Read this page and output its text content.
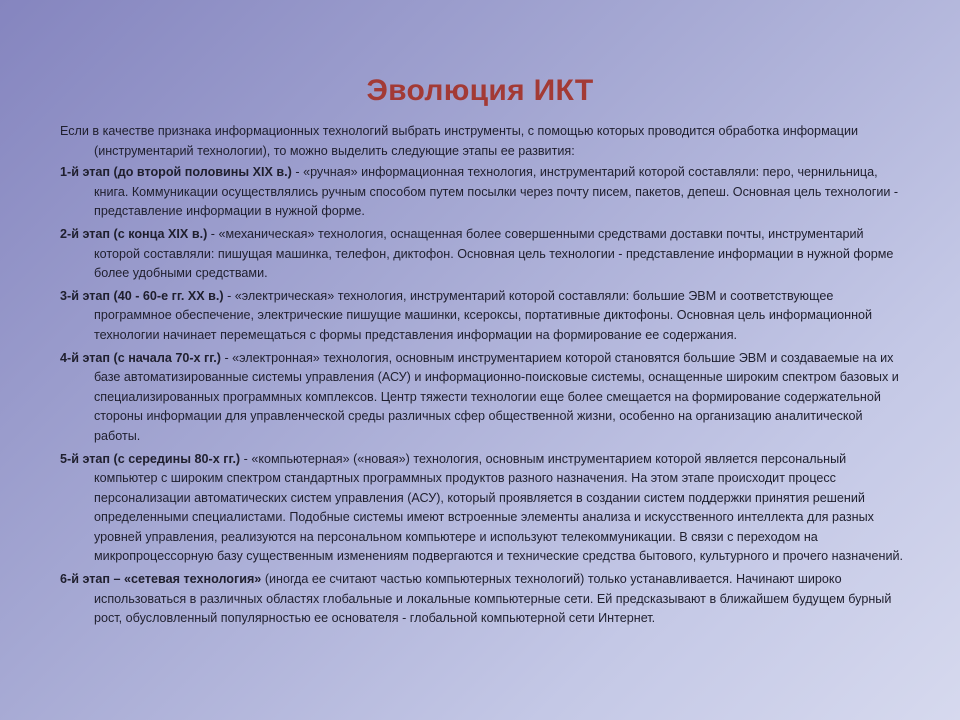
Эволюция ИКТ

Если в качестве признака информационных технологий выбрать инструменты, с помощью которых проводится обработка информации (инструментарий технологии), то можно выделить следующие этапы ее развития:

1-й этап (до второй половины XIX в.) - «ручная» информационная технология, инструментарий которой составляли: перо, чернильница, книга. Коммуникации осуществлялись ручным способом путем посылки через почту писем, пакетов, депеш. Основная цель технологии - представление информации в нужной форме.

2-й этап (с конца XIX в.) - «механическая» технология, оснащенная более совершенными средствами доставки почты, инструментарий которой составляли: пишущая машинка, телефон, диктофон. Основная цель технологии - представление информации в нужной форме более удобными средствами.

3-й этап (40 - 60-е гг. XX в.) - «электрическая» технология, инструментарий которой составляли: большие ЭВМ и соответствующее программное обеспечение, электрические пишущие машинки, ксероксы, портативные диктофоны. Основная цель информационной технологии начинает перемещаться с формы представления информации на формирование ее содержания.

4-й этап (с начала 70-х гг.) - «электронная» технология, основным инструментарием которой становятся большие ЭВМ и создаваемые на их базе автоматизированные системы управления (АСУ) и информационно-поисковые системы, оснащенные широким спектром базовых и специализированных программных комплексов. Центр тяжести технологии еще более смещается на формирование содержательной стороны информации для управленческой среды различных сфер общественной жизни, особенно на организацию аналитической работы.

5-й этап (с середины 80-х гг.) - «компьютерная» («новая») технология, основным инструментарием которой является персональный компьютер с широким спектром стандартных программных продуктов разного назначения. На этом этапе происходит процесс персонализации автоматических систем управления (АСУ), который проявляется в создании систем поддержки принятия решений определенными специалистами. Подобные системы имеют встроенные элементы анализа и искусственного интеллекта для разных уровней управления, реализуются на персональном компьютере и используют телекоммуникации. В связи с переходом на микропроцессорную базу существенным изменениям подвергаются и технические средства бытового, культурного и прочего назначений.

6-й этап – «сетевая технология» (иногда ее считают частью компьютерных технологий) только устанавливается. Начинают широко использоваться в различных областях глобальные и локальные компьютерные сети. Ей предсказывают в ближайшем будущем бурный рост, обусловленный популярностью ее основателя - глобальной компьютерной сети Интернет.
